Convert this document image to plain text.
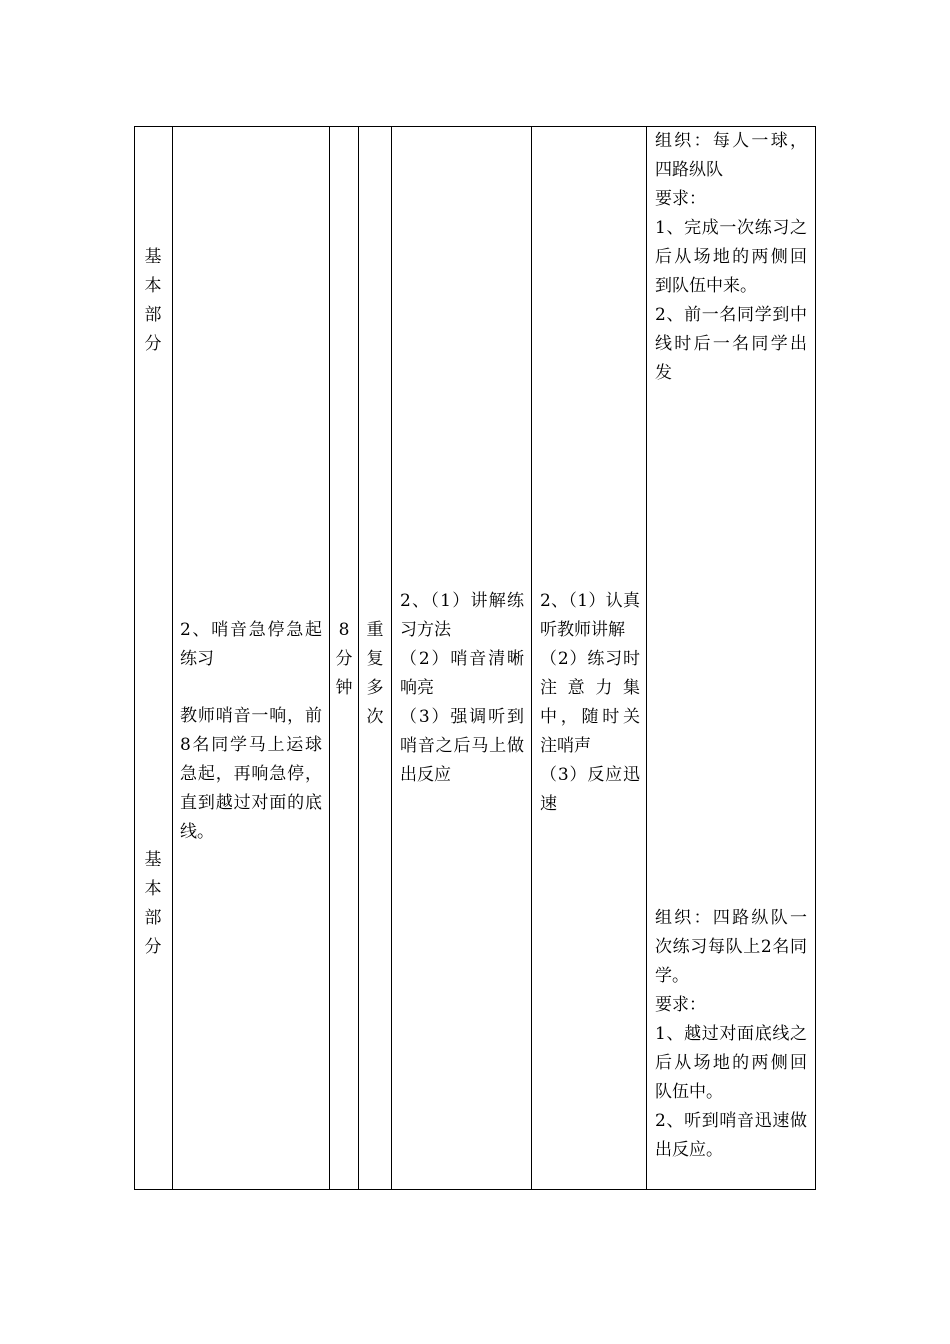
基
本
部
分
基
本
部
分
2、哨音急停急起练习
教师哨音一响，前8名同学马上运球急起，再响急停，直到越过对面的底线。
8
分
钟
重
复
多
次
2、（1）讲解练习方法
（2）哨音清晰响亮
（3）强调听到哨音之后马上做出反应
2、（1）认真听教师讲解
（2）练习时注意力集中，随时关注哨声
（3）反应迅速
组织：每人一球，四路纵队
要求：
1、完成一次练习之后从场地的两侧回到队伍中来。
2、前一名同学到中线时后一名同学出发
组织：四路纵队一次练习每队上2名同学。
要求：
1、越过对面底线之后从场地的两侧回队伍中。
2、听到哨音迅速做出反应。
